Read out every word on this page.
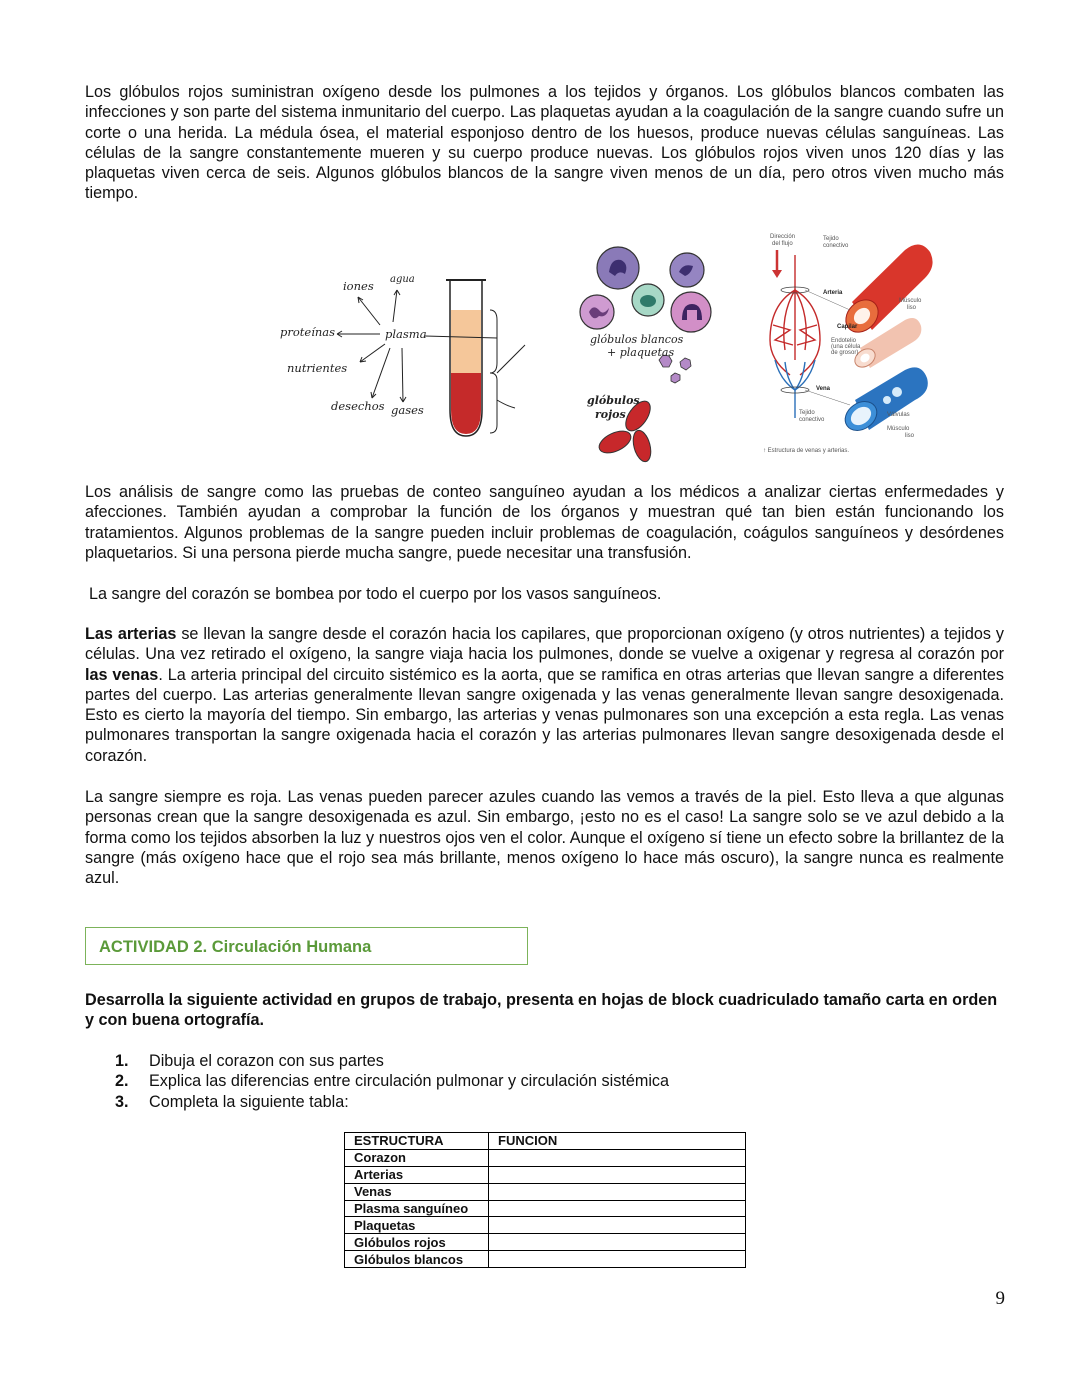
Los glóbulos rojos suministran oxígeno desde los pulmones a los tejidos y órganos. Los glóbulos blancos combaten las infecciones y son parte del sistema inmunitario del cuerpo. Las plaquetas ayudan a la coagulación de la sangre cuando sufre un corte o una herida. La médula ósea, el material esponjoso dentro de los huesos, produce nuevas células sanguíneas. Las células de la sangre constantemente mueren y su cuerpo produce nuevas. Los glóbulos rojos viven unos 120 días y las plaquetas viven cerca de seis. Algunos glóbulos blancos de la sangre viven menos de un día, pero otros viven mucho más tiempo.

iones agua
proteínas	plasma
nutrientes
desechos gases
glóbulos blancos
+ plaquetas
glóbulos
rojos
Dirección
del flujo
Tejido
conectivo
Arteria
Músculo
liso
Capilar
Endotelio
(una célula
de grosor)
Vena
Tejido
conectivo
Válvulas
Músculo
liso
↑ Estructura de venas y arterias.

Los análisis de sangre como las pruebas de conteo sanguíneo ayudan a los médicos a analizar ciertas enfermedades y afecciones. También ayudan a comprobar la función de los órganos y muestran qué tan bien están funcionando los tratamientos. Algunos problemas de la sangre pueden incluir problemas de coagulación, coágulos sanguíneos y desórdenes plaquetarios. Si una persona pierde mucha sangre, puede necesitar una transfusión.

La sangre del corazón se bombea por todo el cuerpo por los vasos sanguíneos.

Las arterias se llevan la sangre desde el corazón hacia los capilares, que proporcionan oxígeno (y otros nutrientes) a tejidos y células. Una vez retirado el oxígeno, la sangre viaja hacia los pulmones, donde se vuelve a oxigenar y regresa al corazón por las venas. La arteria principal del circuito sistémico es la aorta, que se ramifica en otras arterias que llevan sangre a diferentes partes del cuerpo. Las arterias generalmente llevan sangre oxigenada y las venas generalmente llevan sangre desoxigenada. Esto es cierto la mayoría del tiempo. Sin embargo, las arterias y venas pulmonares son una excepción a esta regla. Las venas pulmonares transportan la sangre oxigenada hacia el corazón y las arterias pulmonares llevan sangre desoxigenada desde el corazón.

La sangre siempre es roja. Las venas pueden parecer azules cuando las vemos a través de la piel. Esto lleva a que algunas personas crean que la sangre desoxigenada es azul. Sin embargo, ¡esto no es el caso! La sangre solo se ve azul debido a la forma como los tejidos absorben la luz y nuestros ojos ven el color. Aunque el oxígeno sí tiene un efecto sobre la brillantez de la sangre (más oxígeno hace que el rojo sea más brillante, menos oxígeno lo hace más oscuro), la sangre nunca es realmente azul.

ACTIVIDAD 2. Circulación Humana
Desarrolla la siguiente actividad en grupos de trabajo, presenta en hojas de block cuadriculado tamaño carta en orden y con buena ortografía.
1.	Dibuja el corazon con sus partes
2.	Explica las diferencias entre circulación pulmonar y circulación sistémica
3.	Completa la siguiente tabla:
ESTRUCTURA	FUNCION
Corazon	
Arterias	
Venas	
Plasma sanguíneo	
Plaquetas	
Glóbulos rojos	
Glóbulos blancos	
9
